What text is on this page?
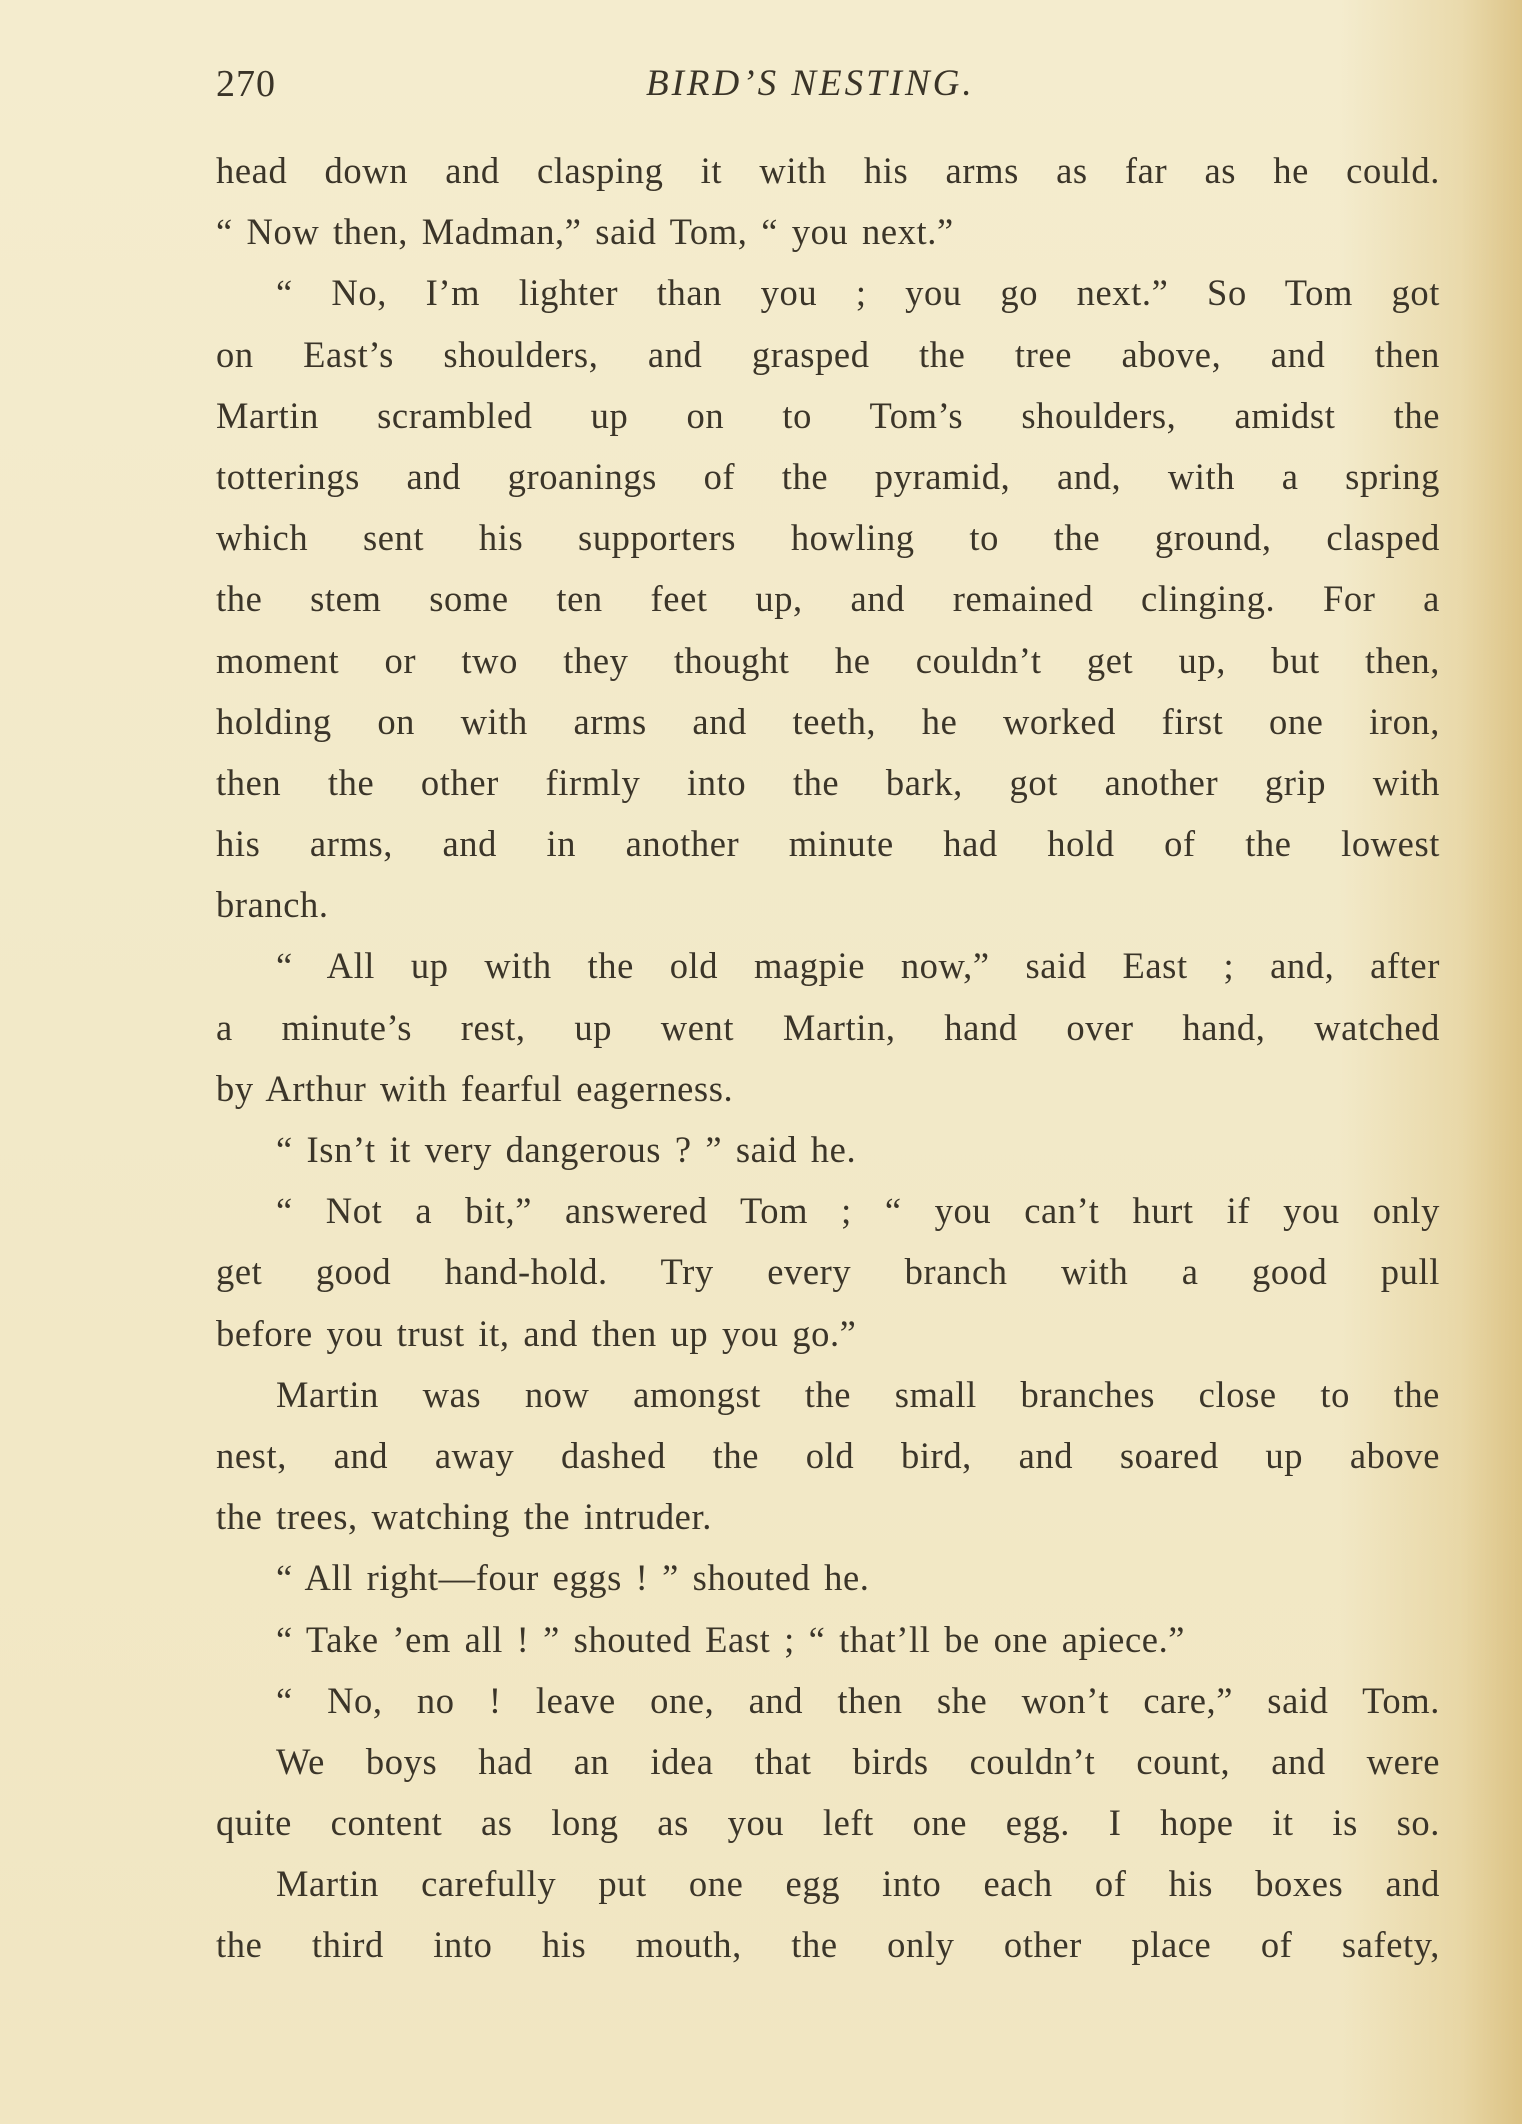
270	BIRD’S NESTING.
head down and clasping it with his arms as far as he could.
“ Now then, Madman,” said Tom, “ you next.”
“ No, I’m lighter than you ; you go next.” So Tom got
on East’s shoulders, and grasped the tree above, and then
Martin scrambled up on to Tom’s shoulders, amidst the
totterings and groanings of the pyramid, and, with a spring
which sent his supporters howling to the ground, clasped
the stem some ten feet up, and remained clinging. For a
moment or two they thought he couldn’t get up, but then,
holding on with arms and teeth, he worked first one iron,
then the other firmly into the bark, got another grip with
his arms, and in another minute had hold of the lowest
branch.
“ All up with the old magpie now,” said East ; and, after
a minute’s rest, up went Martin, hand over hand, watched
by Arthur with fearful eagerness.
“ Isn’t it very dangerous ? ” said he.
“ Not a bit,” answered Tom ; “ you can’t hurt if you only
get good hand-hold. Try every branch with a good pull
before you trust it, and then up you go.”
Martin was now amongst the small branches close to the
nest, and away dashed the old bird, and soared up above
the trees, watching the intruder.
“ All right—four eggs ! ” shouted he.
“ Take ’em all ! ” shouted East ; “ that’ll be one apiece.”
“ No, no ! leave one, and then she won’t care,” said Tom.
We boys had an idea that birds couldn’t count, and were
quite content as long as you left one egg. I hope it is so.
Martin carefully put one egg into each of his boxes and
the third into his mouth, the only other place of safety,
